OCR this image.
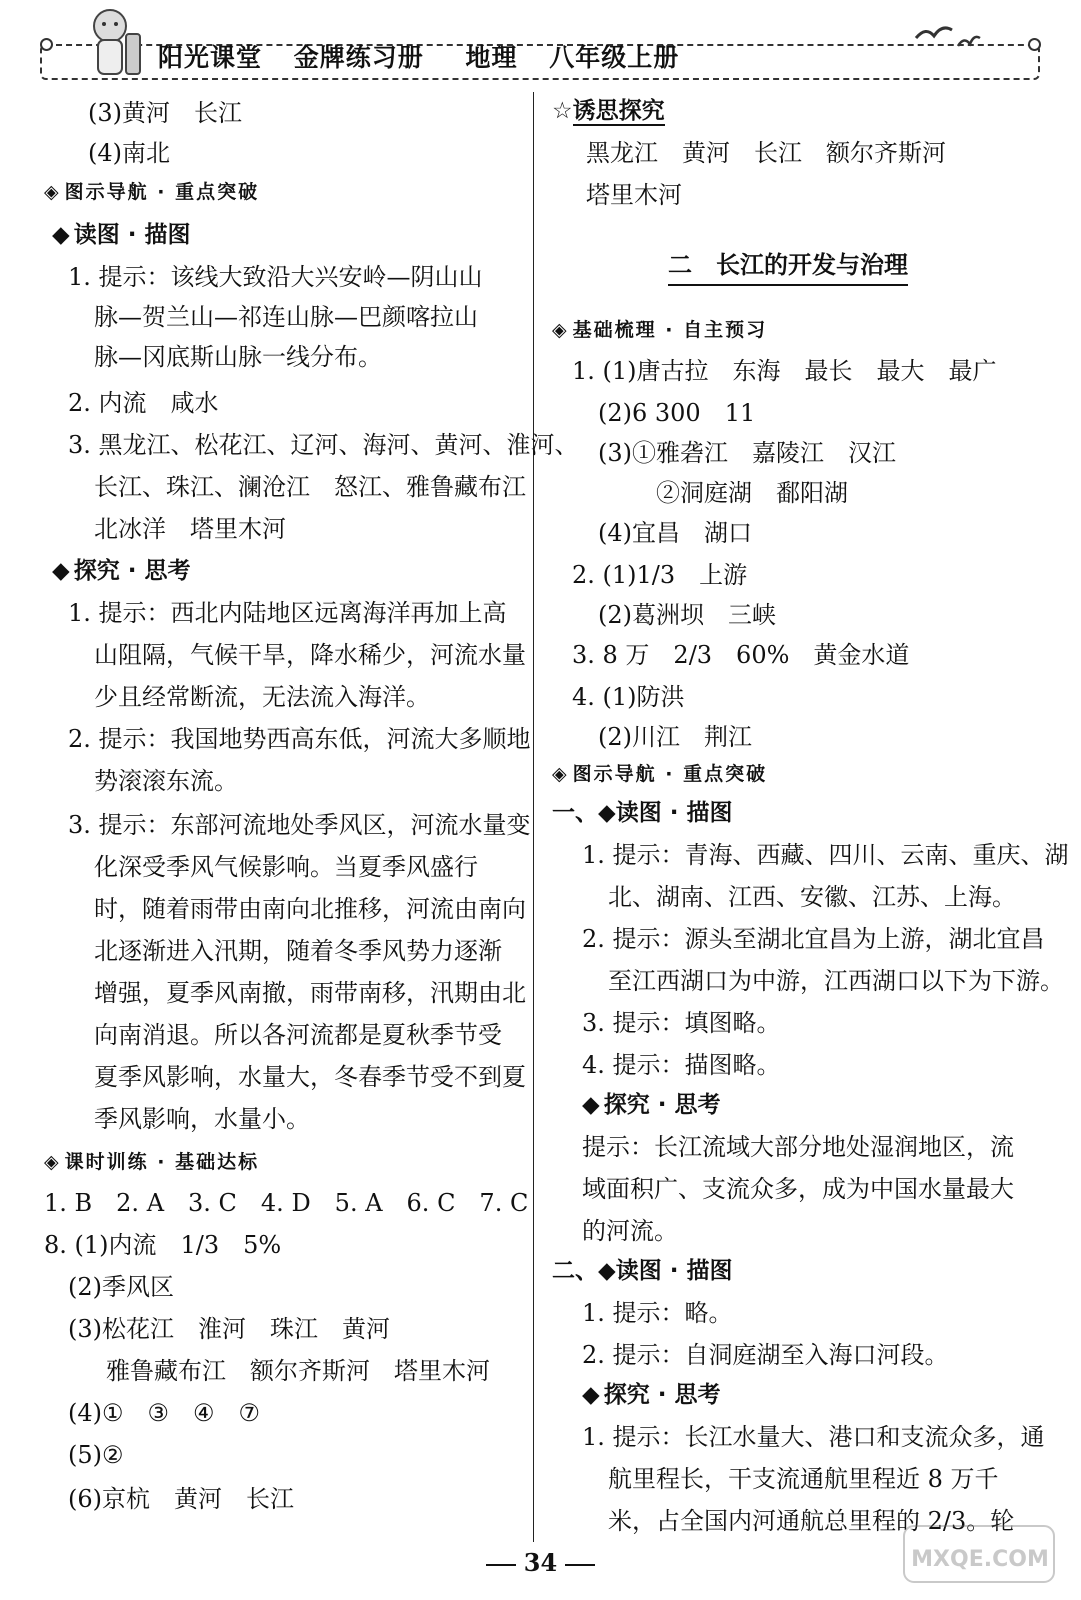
阳光课堂 金牌练习册 地理 八年级上册
(3)黄河　长江
(4)南北
◈ 图示导航 · 重点突破
◆ 读图 · 描图
1. 提示：该线大致沿大兴安岭—阴山山
脉—贺兰山—祁连山脉—巴颜喀拉山
脉—冈底斯山脉一线分布。
2. 内流　咸水
3. 黑龙江、松花江、辽河、海河、黄河、淮河、
长江、珠江、澜沧江　怒江、雅鲁藏布江
北冰洋　塔里木河
◆ 探究 · 思考
1. 提示：西北内陆地区远离海洋再加上高
山阻隔，气候干旱，降水稀少，河流水量
少且经常断流，无法流入海洋。
2. 提示：我国地势西高东低，河流大多顺地
势滚滚东流。
3. 提示：东部河流地处季风区，河流水量变
化深受季风气候影响。当夏季风盛行
时，随着雨带由南向北推移，河流由南向
北逐渐进入汛期，随着冬季风势力逐渐
增强，夏季风南撤，雨带南移，汛期由北
向南消退。所以各河流都是夏秋季节受
夏季风影响，水量大，冬春季节受不到夏
季风影响，水量小。
◈ 课时训练 · 基础达标
1. B　2. A　3. C　4. D　5. A　6. C　7. C
8. (1)内流　1/3　5%
(2)季风区
(3)松花江　淮河　珠江　黄河
雅鲁藏布江　额尔齐斯河　塔里木河
(4)①　③　④　⑦
(5)②
(6)京杭　黄河　长江
☆诱思探究
黑龙江　黄河　长江　额尔齐斯河
塔里木河
二　长江的开发与治理
◈ 基础梳理 · 自主预习
1. (1)唐古拉　东海　最长　最大　最广
(2)6 300　11
(3)①雅砻江　嘉陵江　汉江
②洞庭湖　鄱阳湖
(4)宜昌　湖口
2. (1)1/3　上游
(2)葛洲坝　三峡
3. 8 万　2/3　60%　黄金水道
4. (1)防洪
(2)川江　荆江
◈ 图示导航 · 重点突破
一、◆读图 · 描图
1. 提示：青海、西藏、四川、云南、重庆、湖
北、湖南、江西、安徽、江苏、上海。
2. 提示：源头至湖北宜昌为上游，湖北宜昌
至江西湖口为中游，江西湖口以下为下游。
3. 提示：填图略。
4. 提示：描图略。
◆ 探究 · 思考
提示：长江流域大部分地处湿润地区，流
域面积广、支流众多，成为中国水量最大
的河流。
二、◆读图 · 描图
1. 提示：略。
2. 提示：自洞庭湖至入海口河段。
◆ 探究 · 思考
1. 提示：长江水量大、港口和支流众多，通
航里程长，干支流通航里程近 8 万千
米，占全国内河通航总里程的 2/3。轮
34	MXQE.COM
